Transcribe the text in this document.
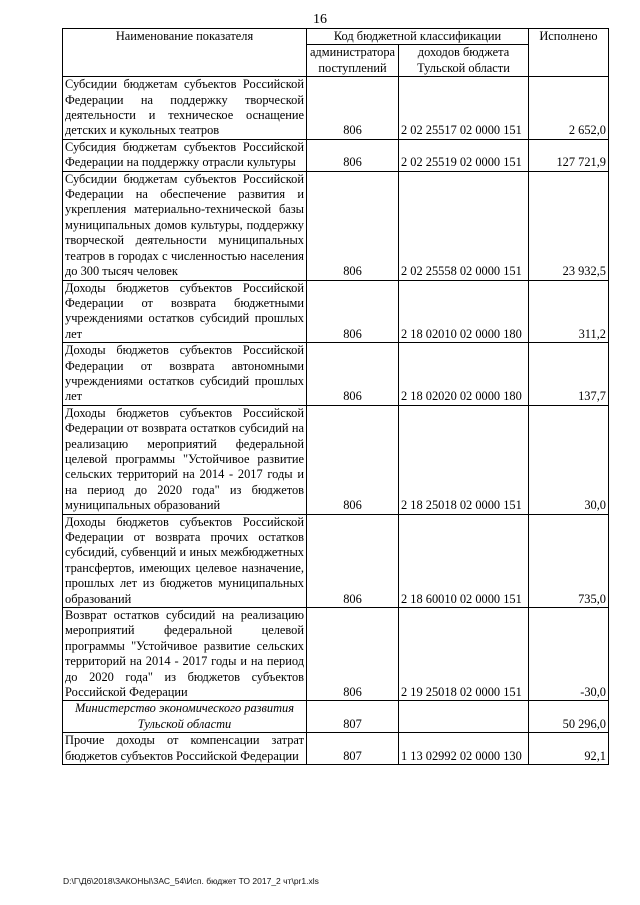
16
Наименование показателя	Код бюджетной классификации		Исполнено
	администратора поступлений	доходов бюджета Тульской области	
Субсидии бюджетам субъектов Российской Федерации на поддержку творческой деятельности и техническое оснащение детских и кукольных театров	806	2 02 25517 02 0000 151	2 652,0
Субсидия бюджетам субъектов Российской Федерации на поддержку отрасли культуры	806	2 02 25519 02 0000 151	127 721,9
Субсидии бюджетам субъектов Российской Федерации на обеспечение развития и укрепления материально-технической базы муниципальных домов культуры, поддержку творческой деятельности муниципальных театров в городах с численностью населения до 300 тысяч человек	806	2 02 25558 02 0000 151	23 932,5
Доходы бюджетов субъектов Российской Федерации от возврата бюджетными учреждениями остатков субсидий прошлых лет	806	2 18 02010 02 0000 180	311,2
Доходы бюджетов субъектов Российской Федерации от возврата автономными учреждениями остатков субсидий прошлых лет	806	2 18 02020 02 0000 180	137,7
Доходы бюджетов субъектов Российской Федерации от возврата остатков субсидий на реализацию мероприятий федеральной целевой программы "Устойчивое развитие сельских территорий на 2014 - 2017 годы и на период до 2020 года" из бюджетов муниципальных образований	806	2 18 25018 02 0000 151	30,0
Доходы бюджетов субъектов Российской Федерации от возврата прочих остатков субсидий, субвенций и иных межбюджетных трансфертов, имеющих целевое назначение, прошлых лет из бюджетов муниципальных образований	806	2 18 60010 02 0000 151	735,0
Возврат остатков субсидий на реализацию мероприятий федеральной целевой программы "Устойчивое развитие сельских территорий на 2014 - 2017 годы и на период до 2020 года" из бюджетов субъектов Российской Федерации	806	2 19 25018 02 0000 151	-30,0
Министерство экономического развития Тульской области	807		50 296,0
Прочие доходы от компенсации затрат бюджетов субъектов Российской Федерации	807	1 13 02992 02 0000 130	92,1
D:\Г\Д6\2018\ЗАКОНЫ\ЗАС_54\Исп. бюджет ТО 2017_2 чт\pr1.xls
